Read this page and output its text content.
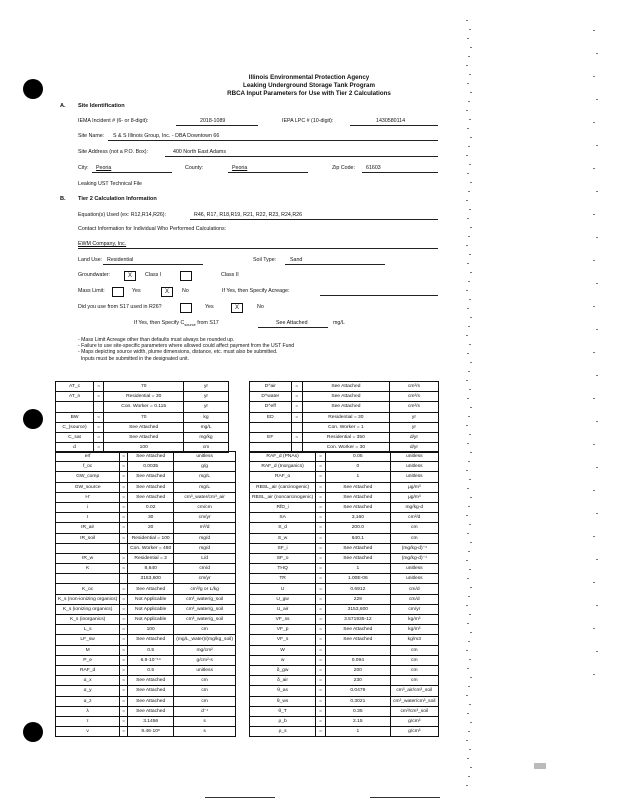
Illinois Environmental Protection Agency
Leaking Underground Storage Tank Program
RBCA Input Parameters for Use with Tier 2 Calculations
A. Site Identification
IEMA Incident # (6- or 8-digit):	2018-1089	IEPA LPC # (10-digit):	1430580114
Site Name: S & S Illinois Group, Inc. - DBA Downtown 66
Site Address (not a P.O. Box):	400 North East Adams
City: Peoria	County:	Peoria	Zip Code: 61603
Leaking UST Technical File
B. Tier 2 Calculation Information
Equation(s) Used (ex: R12,R14,R26):	R46, R17, R18,R19, R21, R22, R23, R24,R26
Contact Information for Individual Who Performed Calculations:
EWM Company, Inc.
Land Use: Residential	Soil Type:	Sand
Groundwater:	X	Class I	Class II
Mass Limit:	Yes	X	No	If Yes, then Specify Acreage:
Did you use from S17 used in R26?	Yes	X	No
If Yes, then Specify $C_{source}$ from S17	See Attached	mg/L
- Mass Limit Acreage other than defaults must always be rounded up.
- Failure to use site-specific parameters where allowed could affect payment from the UST Fund
- Maps depicting source width, plume dimensions, distance, etc. must also be submitted.
Inputs must be submitted in the designated unit.
AT_c	=	70	yr
AT_n	=	Residential = 30	yr
		Con. Worker = 0.115	yr
BW	=	70	kg
C_(source)	=	See Attached	mg/L
C_sat	=	See Attached	mg/kg
d	=	100	cm
D^air	=	See Attached	cm²/s
D^water	=	See Attached	cm²/s
D^eff	=	See Attached	cm²/s
ED	=	Residential = 30	yr
		Con. Worker = 1	yr
EF	=	Residential = 350	d/yr
		Con. Worker = 30	d/yr
erf	=	See Attached	unitless
f_oc	=	0.0035	g/g
GW_comp	=	See Attached	mg/L
GW_source	=	See Attached	mg/L
H'	=	See Attached	cm³_water/cm³_air
i	=	0.02	cm/cm
I	=	30	cm/yr
IR_air	=	20	m³/d
IR_soil	=	Residential = 100	mg/d
		Con. Worker = 480	mg/d
IR_w	=	Residential = 2	L/d
K	=	8,640	cm/d
		3153,600	cm/yr
K_oc	=	See Attached	cm³/g or L/kg
K_s (non-ionizing organics)	=	Not Applicable	cm³_water/g_soil
K_s (ionizing organics)	=	Not Applicable	cm³_water/g_soil
K_s (inorganics)	=	Not Applicable	cm³_water/g_soil
L_s	=	100	cm
LF_sw	=	See Attached	(mg/L_water)/(mg/kg_soil)
M	=	0.5	mg/cm²
P_e	=	6.9·10⁻¹⁴	g/cm²-s
RAF_d	=	0.5	unitless
α_x	=	See Attached	cm
α_y	=	See Attached	cm
α_z	=	See Attached	cm
λ	=	See Attached	d⁻¹
τ	=	3.1456	s
ν	=	9.46·10⁸	s
RAF_d (PNAs)	=	0.05	unitless
RAF_d (Inorganics)	=	0	unitless
RAF_o	=	1	unitless
RBSL_air (carcinogenic)	=	See Attached	μg/m³
RBSL_air (noncarcinogenic)	=	See Attached	μg/m³
RfD_i	=	See Attached	mg/kg-d
SA	=	3,160	cm²/d
S_d	=	200.0	cm
S_w	=	640.1	cm
SF_i	=	See Attached	(mg/kg-d)⁻¹
SF_o	=	See Attached	(mg/kg-d)⁻¹
THQ	=	1	unitless
TR	=	1.00E-06	unitless
U	=	0.6912	cm/d
U_gw	=	229	cm/d
U_air	=	3153,600	cm/yr
VF_ss	=	3.571935-12	kg/m³
VF_p	=	See Attached	kg/m³
VF_s	=	See Attached	kg/m3
W	=		cm
w	=	0.094	cm
δ_gw	=	200	cm
δ_air	=	230	cm
θ_as	=	0.0479	cm³_air/cm³_soil
θ_ws	=	0.3021	cm³_water/cm³_soil
θ_T	=	0.35	cm³/cm³_soil
ρ_b	=	2.15	g/cm³
ρ_s	=	1	g/cm³
